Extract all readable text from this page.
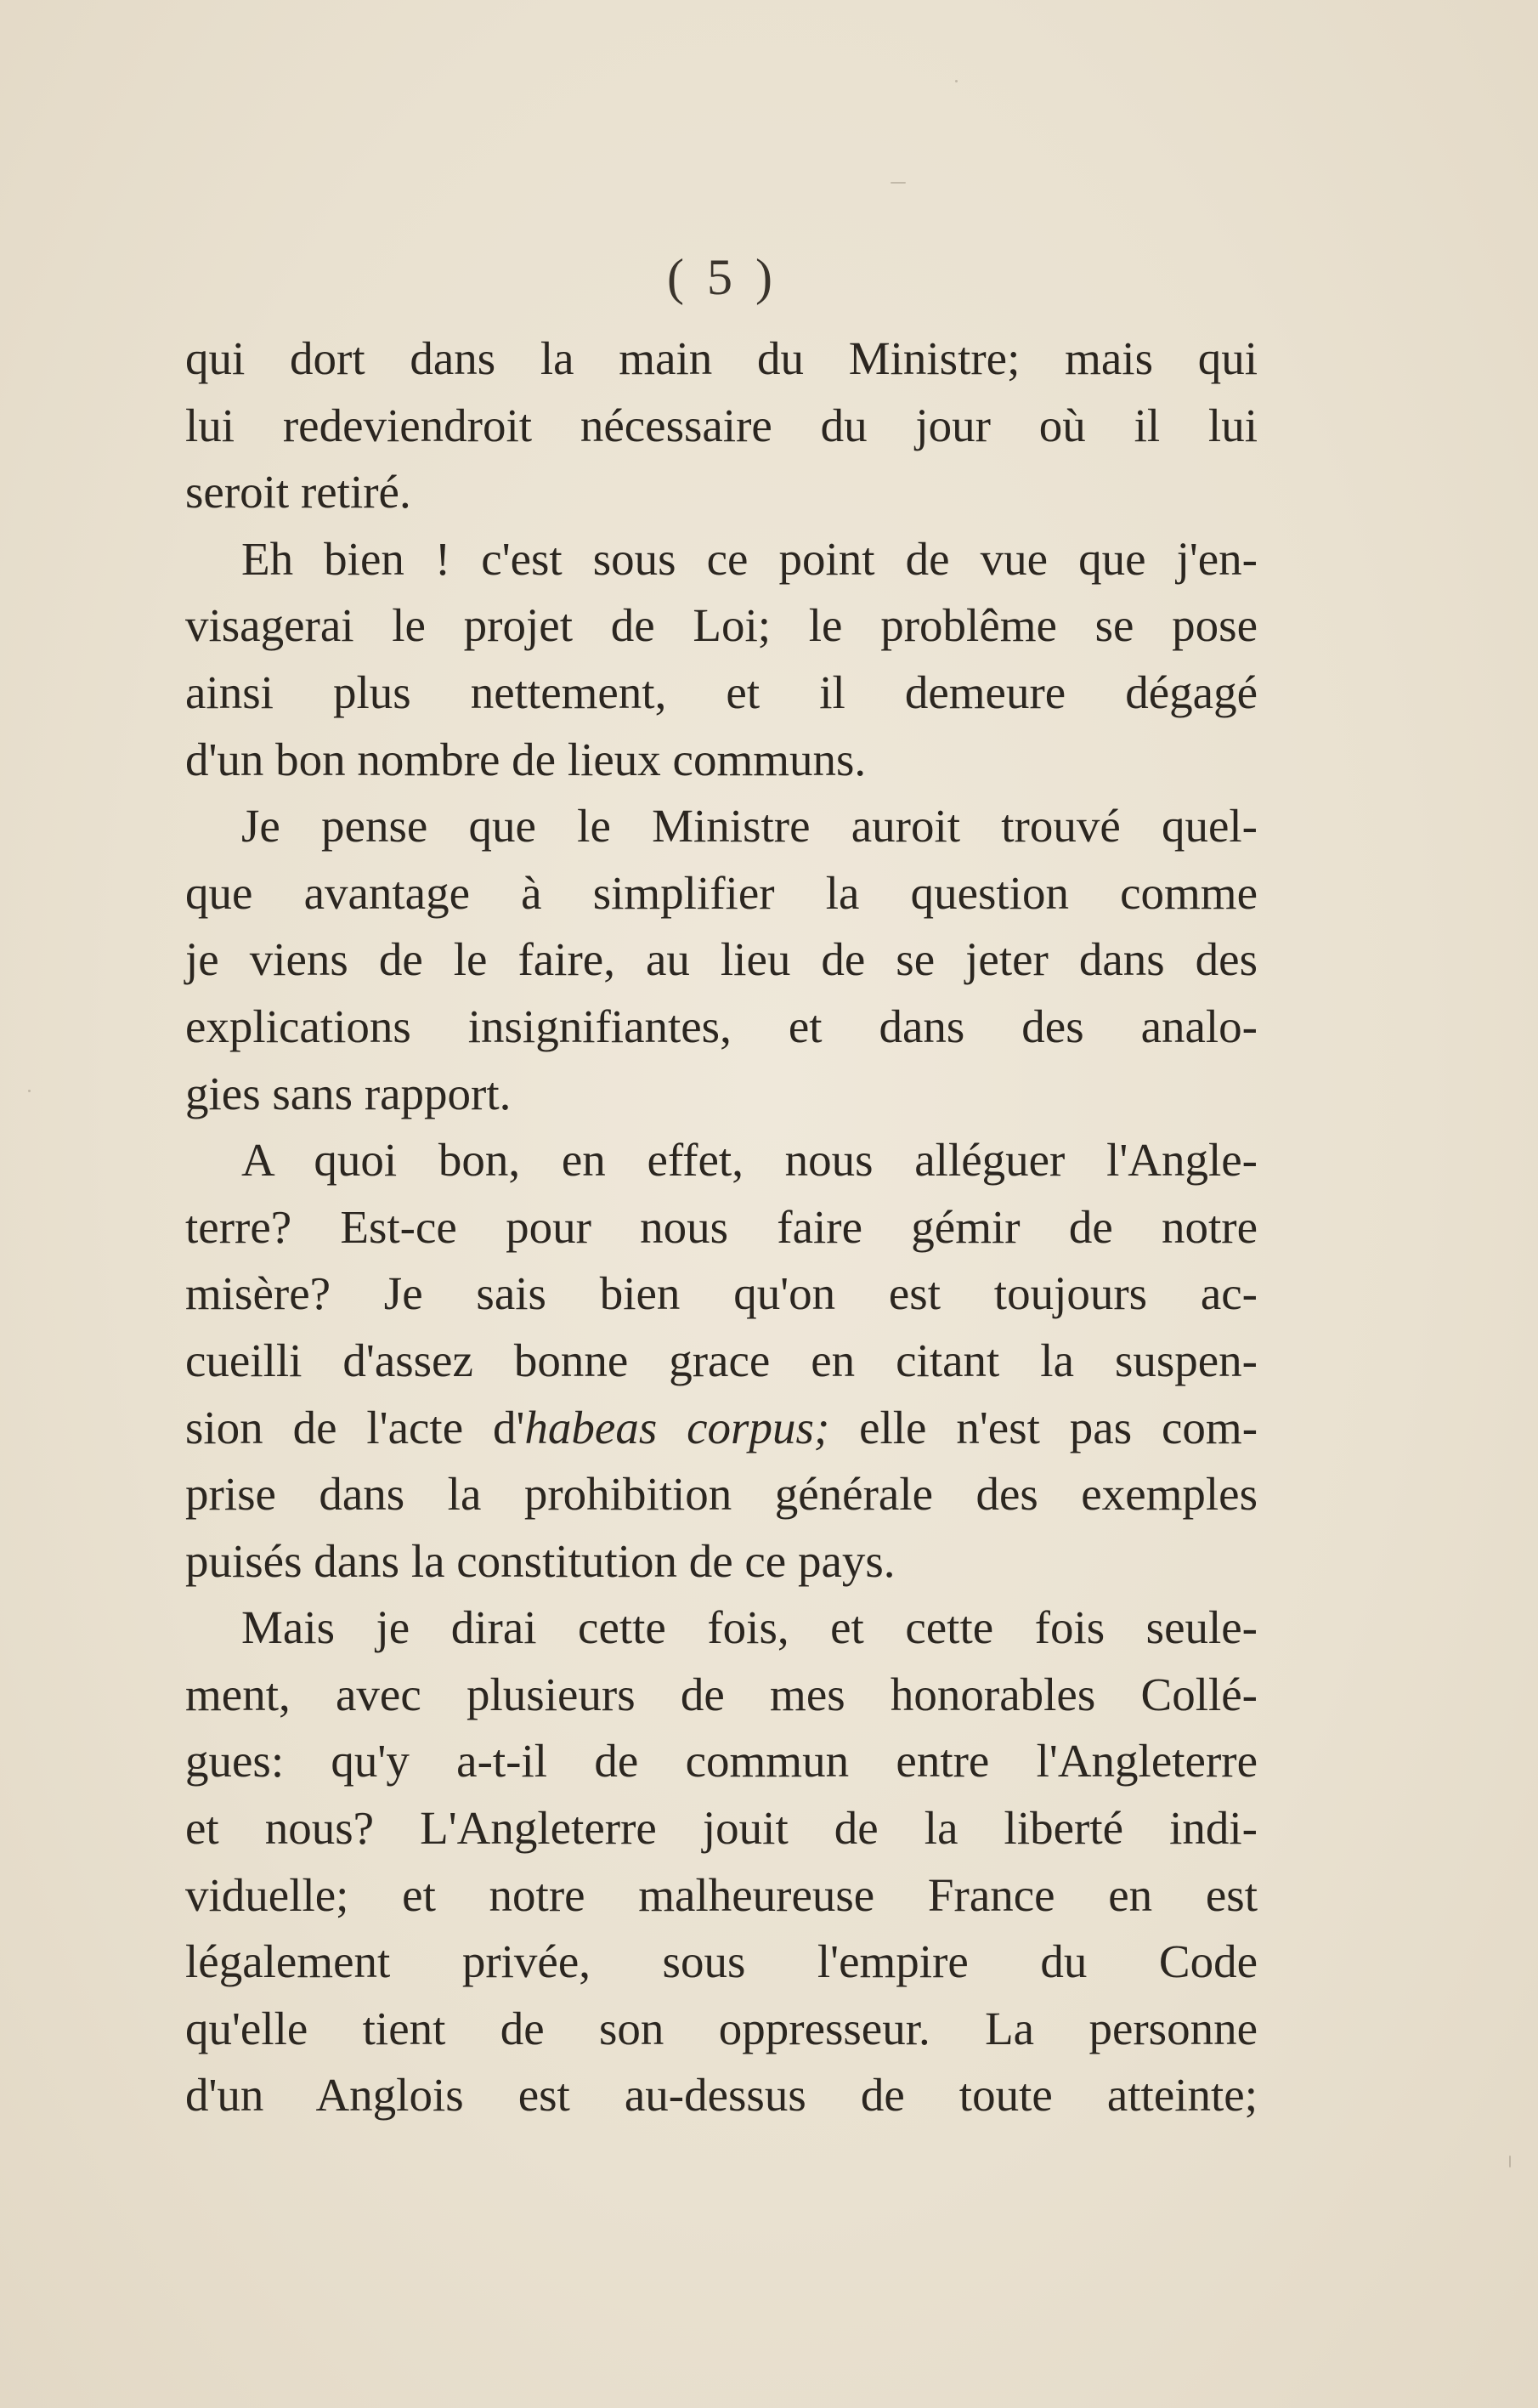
( 5 )
qui dort dans la main du Ministre; mais qui
lui redeviendroit nécessaire du jour où il lui
seroit retiré.
Eh bien ! c'est sous ce point de vue que j'en-
visagerai le projet de Loi; le problême se pose
ainsi plus nettement, et il demeure dégagé
d'un bon nombre de lieux communs.
Je pense que le Ministre auroit trouvé quel-
que avantage à simplifier la question comme
je viens de le faire, au lieu de se jeter dans des
explications insignifiantes, et dans des analo-
gies sans rapport.
A quoi bon, en effet, nous alléguer l'Angle-
terre? Est-ce pour nous faire gémir de notre
misère? Je sais bien qu'on est toujours ac-
cueilli d'assez bonne grace en citant la suspen-
sion de l'acte d'habeas corpus; elle n'est pas com-
prise dans la prohibition générale des exemples
puisés dans la constitution de ce pays.
Mais je dirai cette fois, et cette fois seule-
ment, avec plusieurs de mes honorables Collé-
gues: qu'y a-t-il de commun entre l'Angleterre
et nous? L'Angleterre jouit de la liberté indi-
viduelle; et notre malheureuse France en est
légalement privée, sous l'empire du Code
qu'elle tient de son oppresseur. La personne
d'un Anglois est au-dessus de toute atteinte;
